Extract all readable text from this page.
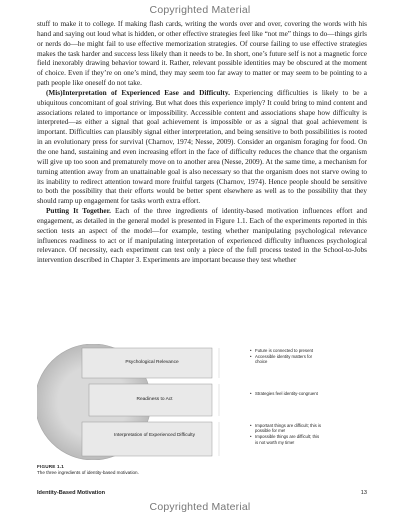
Copyrighted Material

stuff to make it to college. If making flash cards, writing the words over and over, covering the words with his hand and saying out loud what is hidden, or other effective strategies feel like “not me” things to do—things girls or nerds do—he might fail to use effective memorization strategies. Of course failing to use effective strategies makes the task harder and success less likely than it needs to be. In short, one’s future self is not a magnetic force field inexorably drawing behavior toward it. Rather, relevant possible identities may be obscured at the moment of choice. Even if they’re on one’s mind, they may seem too far away to matter or may seem to be pointing to a path people like oneself do not take.

(Mis)Interpretation of Experienced Ease and Difficulty. Experiencing difficulties is likely to be a ubiquitous concomitant of goal striving. But what does this experience imply? It could bring to mind content and associations related to importance or impossibility. Accessible content and associations shape how difficulty is interpreted—as either a signal that goal achievement is impossible or as a signal that goal achievement is important. Difficulties can plausibly signal either interpretation, and being sensitive to both possibilities is rooted in an evolutionary press for survival (Charnov, 1974; Nesse, 2009). Consider an organism foraging for food. On the one hand, sustaining and even increasing effort in the face of difficulty reduces the chance that the organism will give up too soon and prematurely move on to another area (Nesse, 2009). At the same time, a mechanism for turning attention away from an unattainable goal is also necessary so that the organism does not starve owing to its inability to redirect attention toward more fruitful targets (Charnov, 1974). Hence people should be sensitive to both the possibility that their efforts would be better spent elsewhere as well as to the possibility that they should ramp up engagement for tasks worth extra effort.

Putting It Together. Each of the three ingredients of identity-based motivation influences effort and engagement, as detailed in the general model is presented in Figure 1.1. Each of the experiments reported in this section tests an aspect of the model—for example, testing whether manipulating psychological relevance influences readiness to act or if manipulating interpretation of experienced difficulty influences psychological relevance. Of necessity, each experiment can test only a piece of the full process tested in the School-to-Jobs intervention described in Chapter 3. Experiments are important because they test whether

Psychological Relevance
Readiness to Act
Interpretation of Experienced Difficulty
• Future is connected to present
• Accessible identity matters for choice
• Strategies feel identity-congruent
• Important things are difficult; this is possible for me!
• Impossible things are difficult; this is not worth my time!
FIGURE 1.1
The three ingredients of identity-based motivation.
Identity-Based Motivation	13
Copyrighted Material
